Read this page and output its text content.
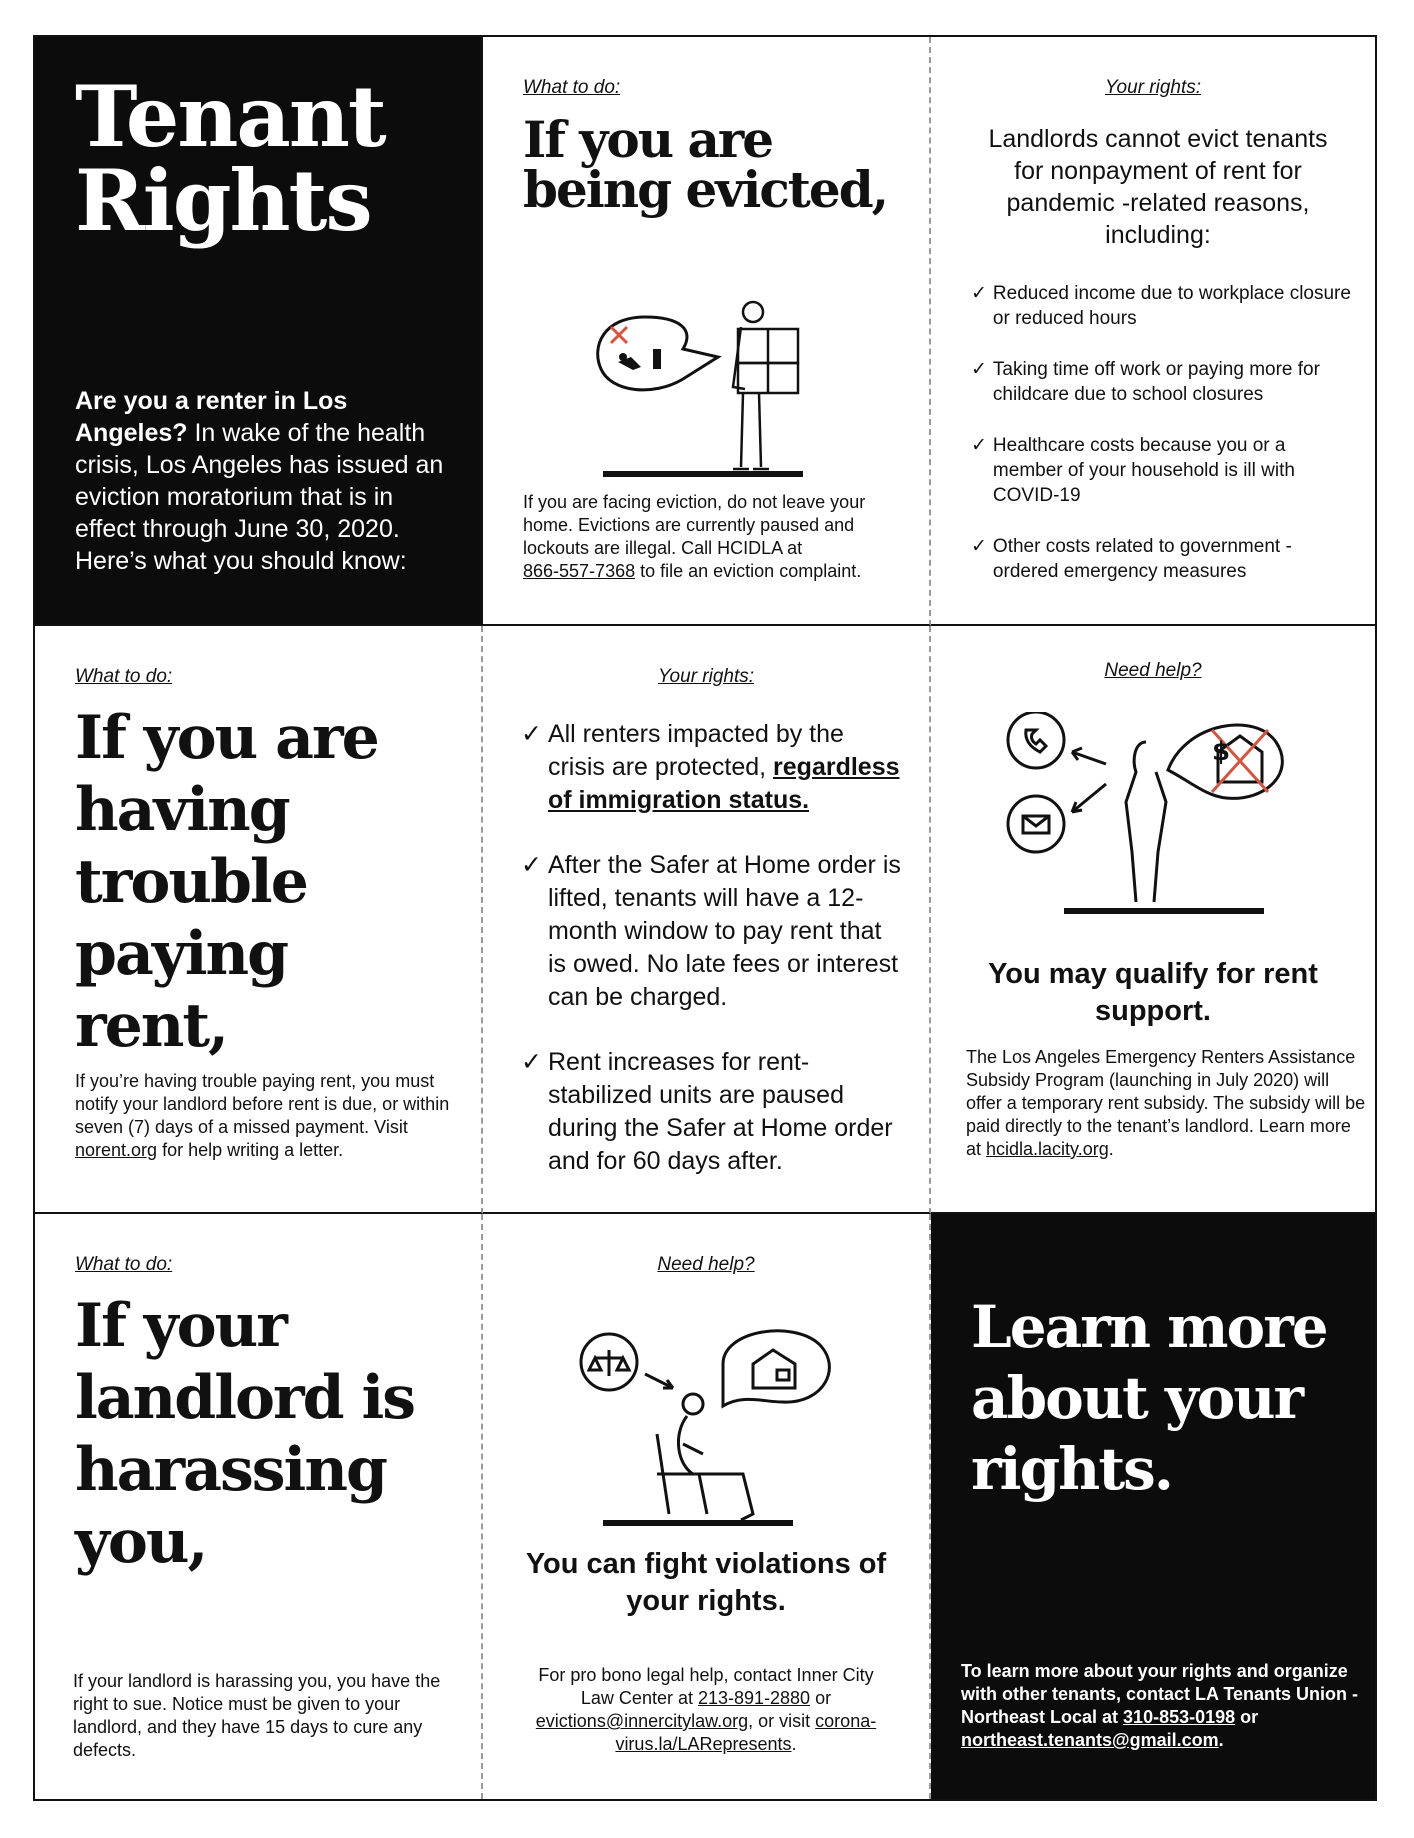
Tenant
Rights
Are you a renter in Los Angeles? In wake of the health crisis, Los Angeles has issued an eviction moratorium that is in effect through June 30, 2020. Here’s what you should know:

What to do:

If you are
being evicted,

If you are facing eviction, do not leave your home. Evictions are currently paused and lockouts are illegal. Call HCIDLA at
866-557-7368 to file an eviction complaint.

Your rights:

Landlords cannot evict tenants for nonpayment of rent for pandemic -related reasons, including:

✓ Reduced income due to workplace closure or reduced hours
✓ Taking time off work or paying more for childcare due to school closures
✓ Healthcare costs because you or a member of your household is ill with COVID-19
✓ Other costs related to government -ordered emergency measures

What to do:

If you are
having
trouble
paying
rent,

If you’re having trouble paying rent, you must notify your landlord before rent is due, or within seven (7) days of a missed payment. Visit norent.org for help writing a letter.

Your rights:

✓ All renters impacted by the crisis are protected, regardless of immigration status.
✓ After the Safer at Home order is lifted, tenants will have a 12-month window to pay rent that is owed. No late fees or interest can be charged.
✓ Rent increases for rent-stabilized units are paused during the Safer at Home order and for 60 days after.

Need help?

$

You may qualify for rent support.

The Los Angeles Emergency Renters Assistance Subsidy Program (launching in July 2020) will offer a temporary rent subsidy. The subsidy will be paid directly to the tenant’s landlord. Learn more at hcidla.lacity.org.

What to do:

If your
landlord is
harassing
you,

If your landlord is harassing you, you have the right to sue. Notice must be given to your landlord, and they have 15 days to cure any defects.

Need help?

You can fight violations of your rights.

For pro bono legal help, contact Inner City Law Center at 213-891-2880 or evictions@innercitylaw.org, or visit corona-virus.la/LARepresents.

Learn more
about your
rights.

To learn more about your rights and organize with other tenants, contact LA Tenants Union - Northeast Local at 310-853-0198 or
northeast.tenants@gmail.com.
